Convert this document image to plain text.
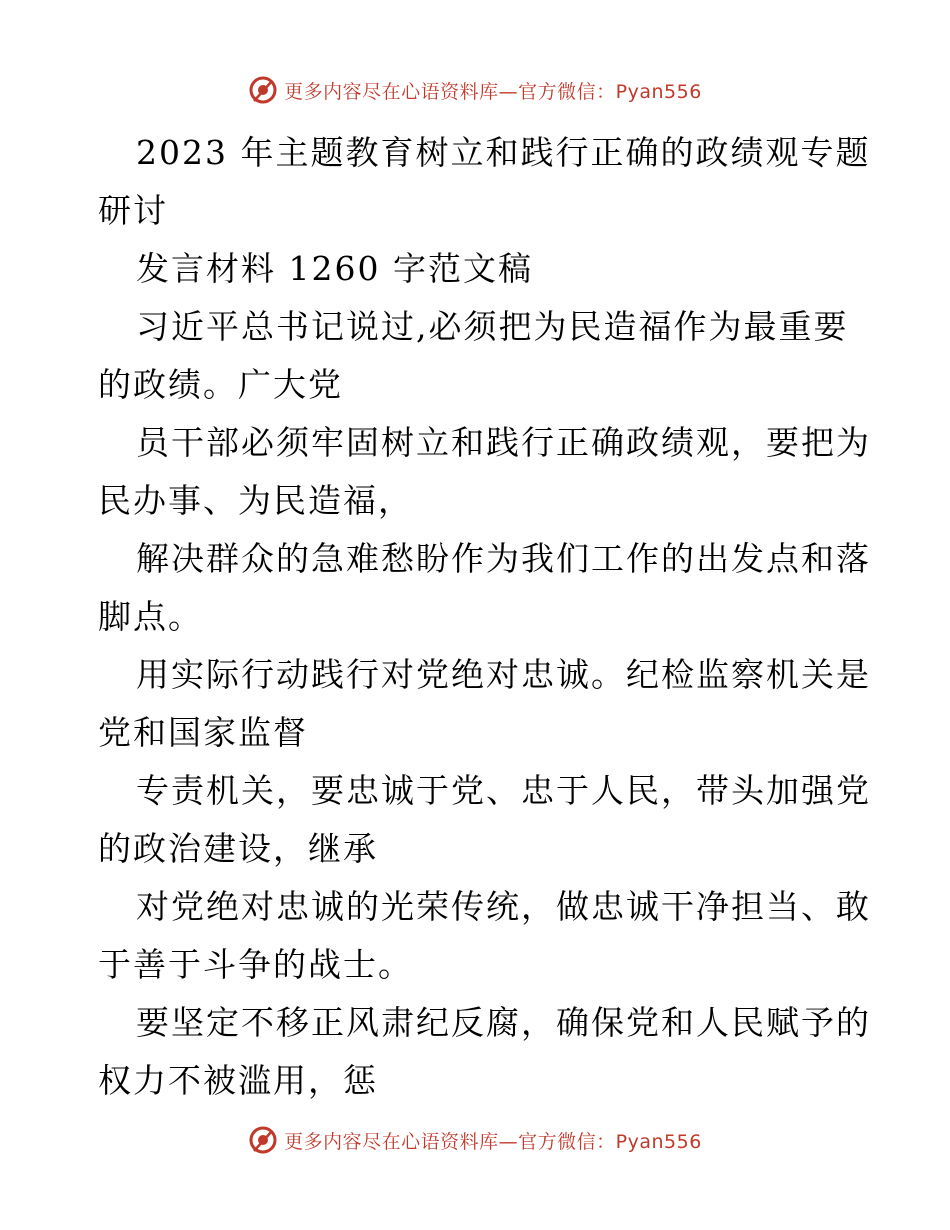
更多内容尽在心语资料库—官方微信：Pyan556
2023 年主题教育树立和践行正确的政绩观专题
研讨
发言材料 1260 字范文稿
习近平总书记说过,必须把为民造福作为最重要
的政绩。广大党
员干部必须牢固树立和践行正确政绩观，要把为
民办事、为民造福，
解决群众的急难愁盼作为我们工作的出发点和落
脚点。
用实际行动践行对党绝对忠诚。纪检监察机关是
党和国家监督
专责机关，要忠诚于党、忠于人民，带头加强党
的政治建设，继承
对党绝对忠诚的光荣传统，做忠诚干净担当、敢
于善于斗争的战士。
要坚定不移正风肃纪反腐，确保党和人民赋予的
权力不被滥用，惩
更多内容尽在心语资料库—官方微信：Pyan556
